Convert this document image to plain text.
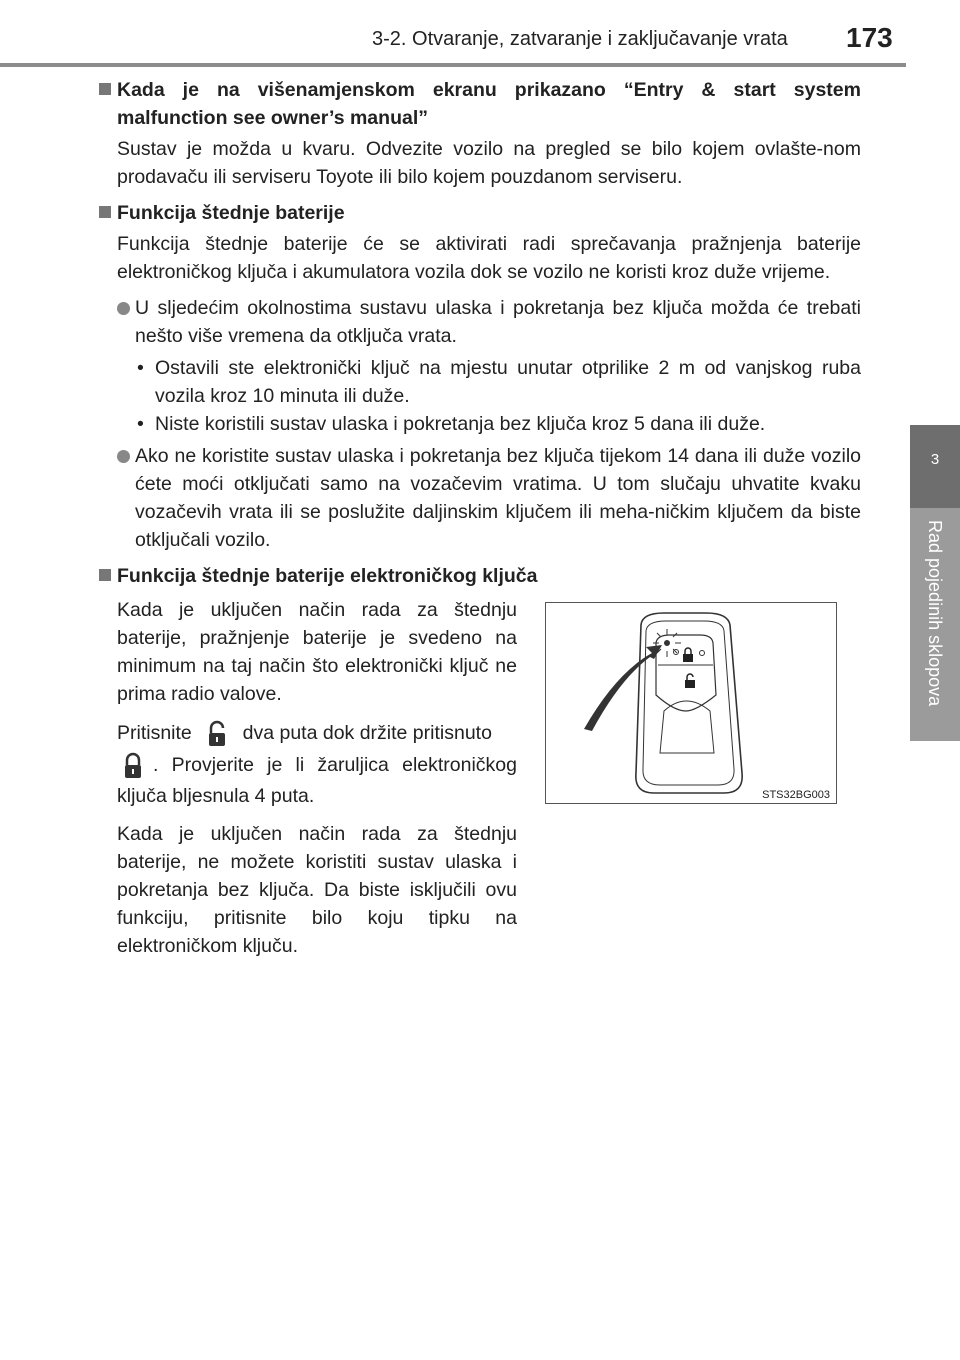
3-2. Otvaranje, zatvaranje i zaključavanje vrata 173
3
Rad pojedinih sklopova

Kada je na višenamjenskom ekranu prikazano “Entry & start system malfunction see owner’s manual”

Sustav je možda u kvaru. Odvezite vozilo na pregled se bilo kojem ovlašte-nom prodavaču ili serviseru Toyote ili bilo kojem pouzdanom serviseru.

Funkcija štednje baterije

Funkcija štednje baterije će se aktivirati radi sprečavanja pražnjenja baterije elektroničkog ključa i akumulatora vozila dok se vozilo ne koristi kroz duže vrijeme.

U sljedećim okolnostima sustavu ulaska i pokretanja bez ključa možda će trebati nešto više vremena da otključa vrata.
• Ostavili ste elektronički ključ na mjestu unutar otprilike 2 m od vanjskog ruba vozila kroz 10 minuta ili duže.
• Niste koristili sustav ulaska i pokretanja bez ključa kroz 5 dana ili duže.
Ako ne koristite sustav ulaska i pokretanja bez ključa tijekom 14 dana ili duže vozilo ćete moći otključati samo na vozačevim vratima. U tom slučaju uhvatite kvaku vozačevih vrata ili se poslužite daljinskim ključem ili meha-ničkim ključem da biste otključali vozilo.

Funkcija štednje baterije elektroničkog ključa

Kada je uključen način rada za štednju baterije, pražnjenje baterije je svedeno na minimum na taj način što elektronički ključ ne prima radio valove.

Pritisnite	dva puta dok držite pritisnuto
. Provjerite je li žaruljica elektroničkog ključa bljesnula 4 puta.

Kada je uključen način rada za štednju baterije, ne možete koristiti sustav ulaska i pokretanja bez ključa. Da biste isključili ovu funkciju, pritisnite bilo koju tipku na elektroničkom ključu.

STS32BG003
